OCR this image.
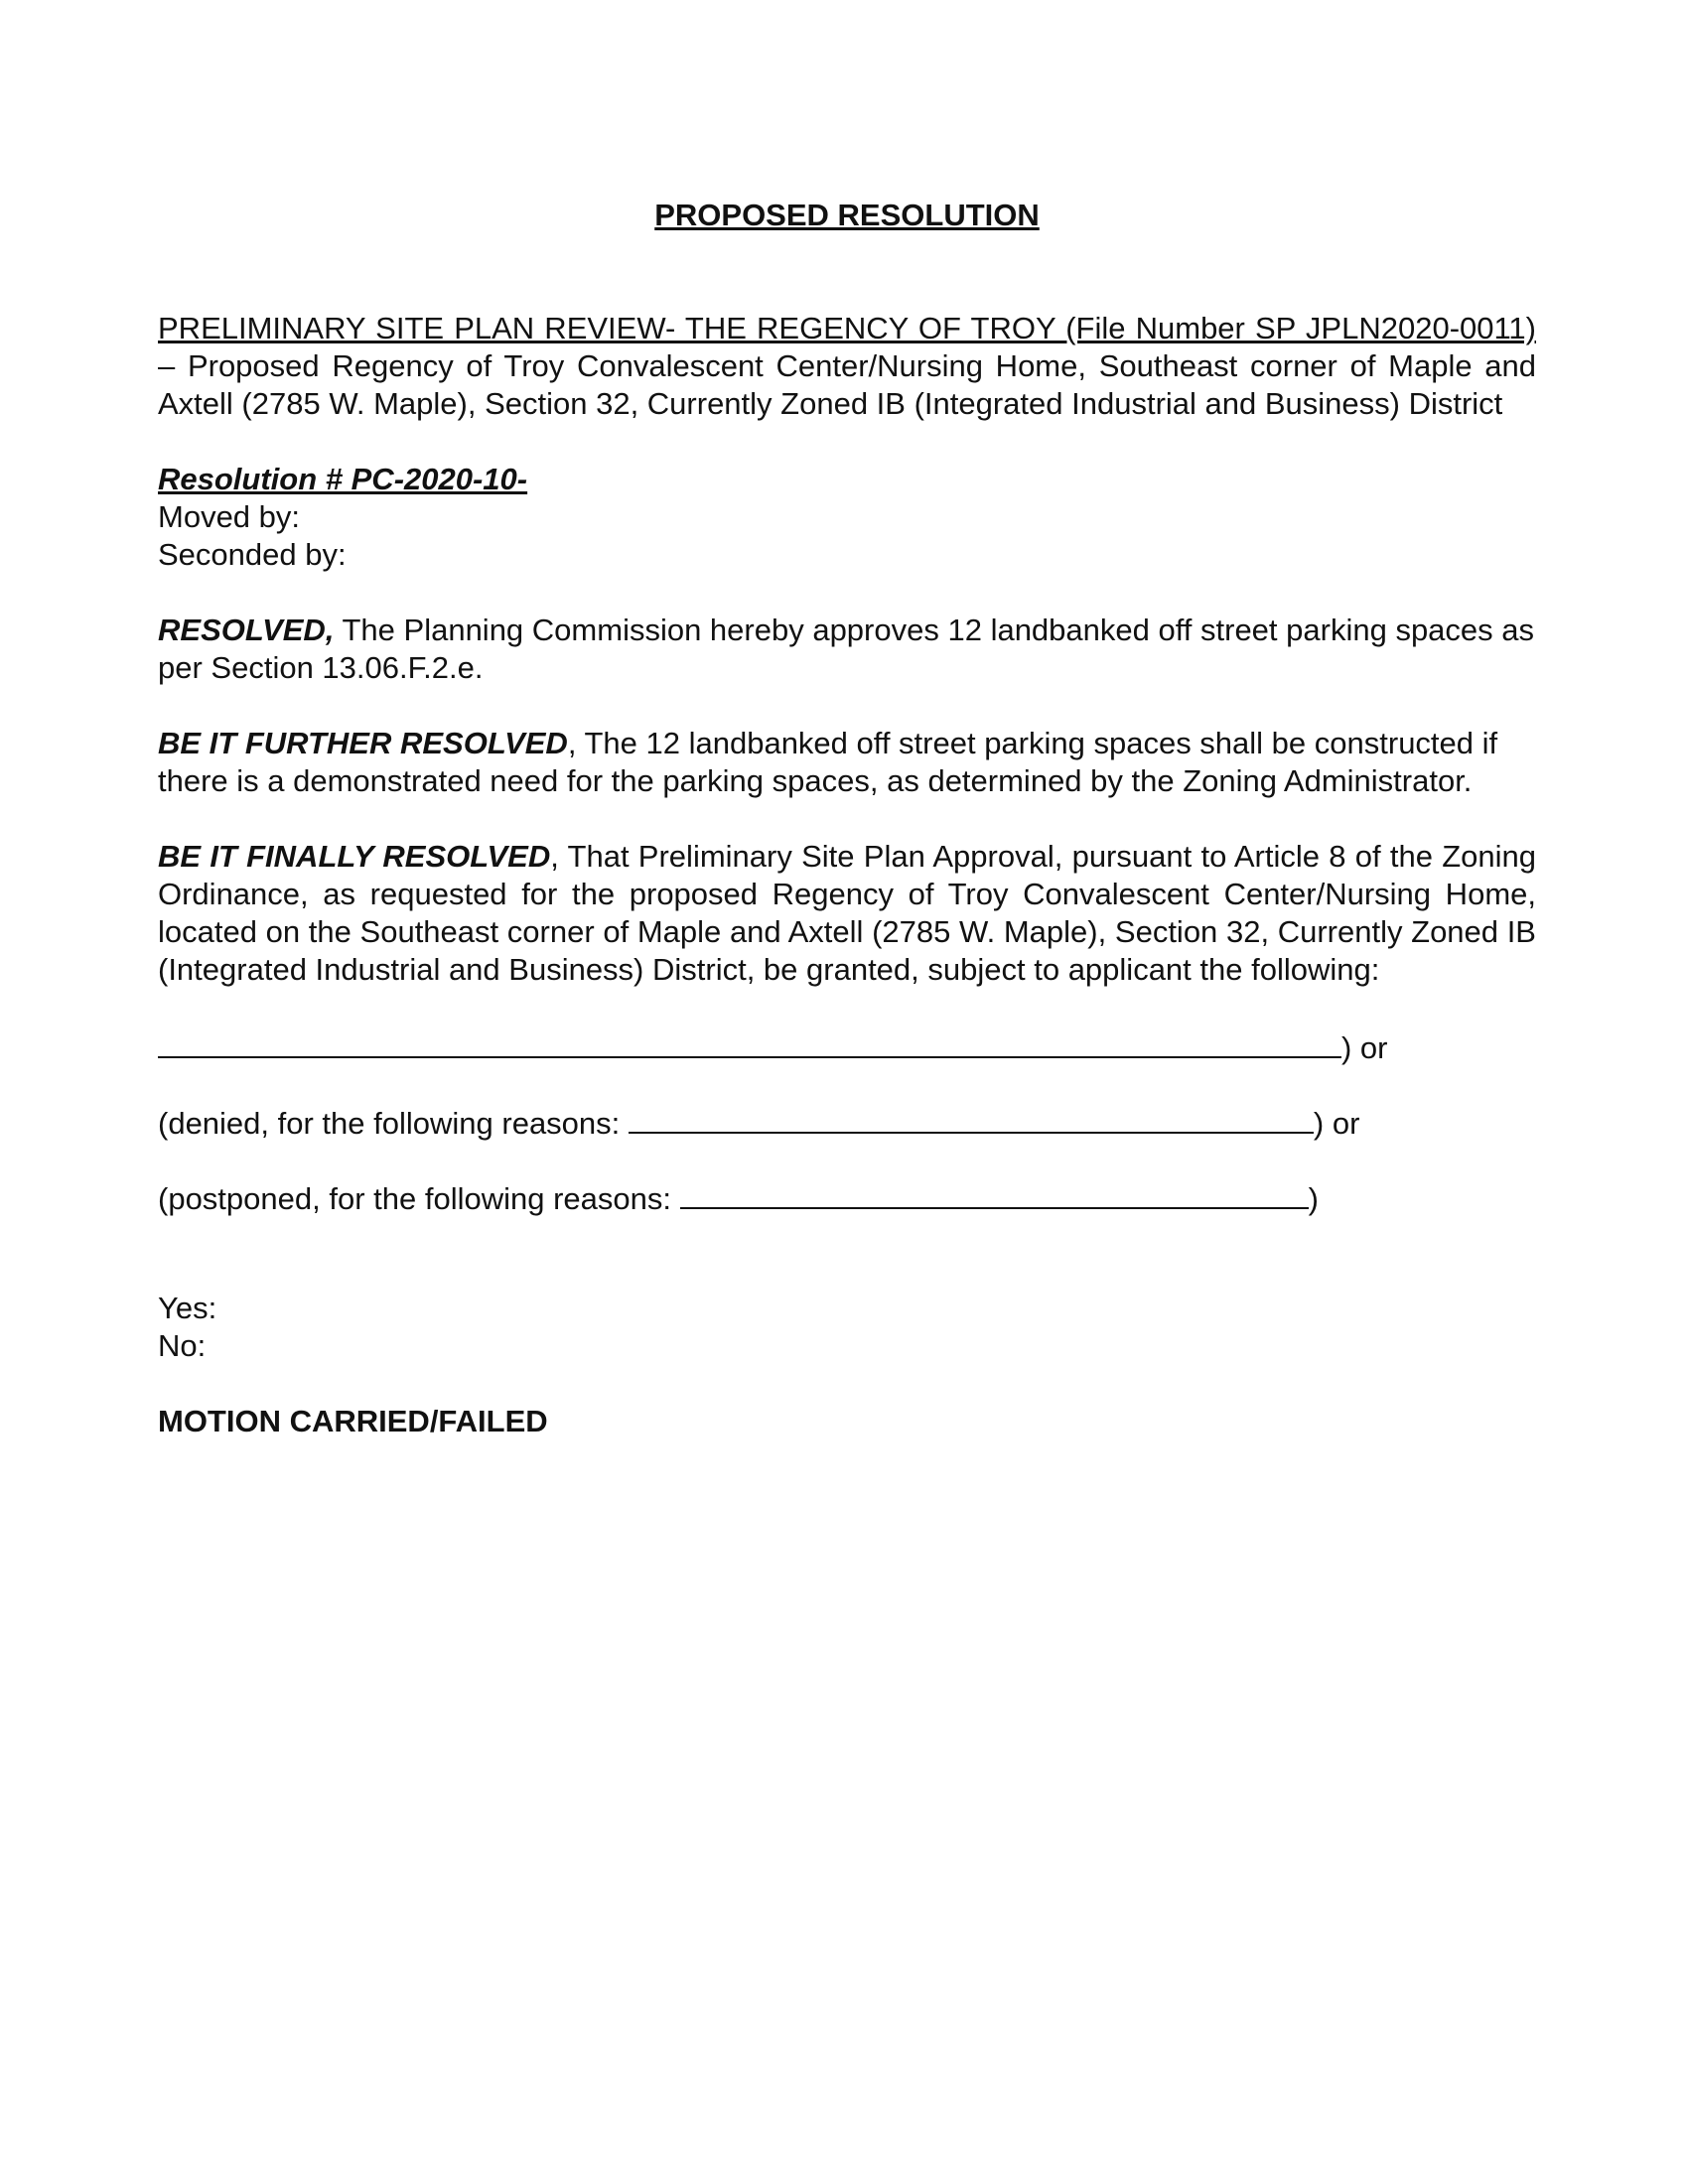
PROPOSED RESOLUTION
PRELIMINARY SITE PLAN REVIEW- THE REGENCY OF TROY (File Number SP JPLN2020-0011) – Proposed Regency of Troy Convalescent Center/Nursing Home, Southeast corner of Maple and Axtell (2785 W. Maple), Section 32, Currently Zoned IB (Integrated Industrial and Business) District
Resolution # PC-2020-10-
Moved by:
Seconded by:
RESOLVED, The Planning Commission hereby approves 12 landbanked off street parking spaces as per Section 13.06.F.2.e.
BE IT FURTHER RESOLVED, The 12 landbanked off street parking spaces shall be constructed if there is a demonstrated need for the parking spaces, as determined by the Zoning Administrator.
BE IT FINALLY RESOLVED, That Preliminary Site Plan Approval, pursuant to Article 8 of the Zoning Ordinance, as requested for the proposed Regency of Troy Convalescent Center/Nursing Home, located on the Southeast corner of Maple and Axtell (2785 W. Maple), Section 32, Currently Zoned IB (Integrated Industrial and Business) District, be granted, subject to applicant the following:
) or
(denied, for the following reasons:	) or
(postponed, for the following reasons:	)
Yes:
No:
MOTION CARRIED/FAILED
